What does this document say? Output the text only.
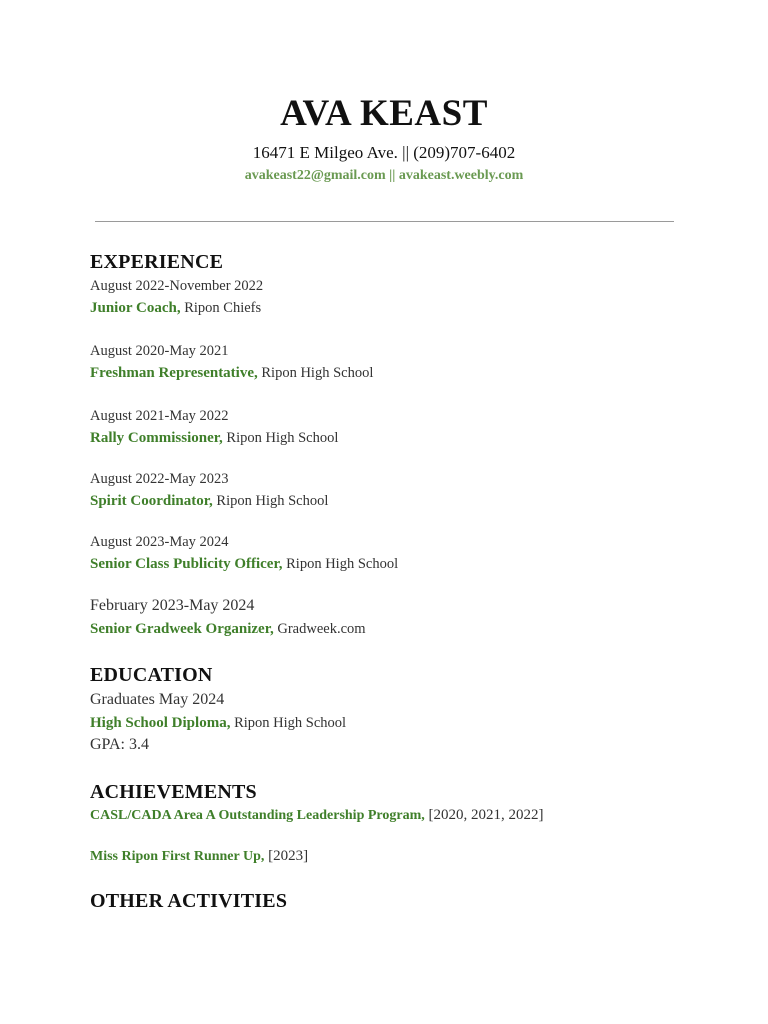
AVA KEAST
16471 E Milgeo Ave. || (209)707-6402
avakeast22@gmail.com || avakeast.weebly.com
EXPERIENCE
August 2022-November 2022
Junior Coach, Ripon Chiefs
August 2020-May 2021
Freshman Representative, Ripon High School
August 2021-May 2022
Rally Commissioner, Ripon High School
August 2022-May 2023
Spirit Coordinator, Ripon High School
August 2023-May 2024
Senior Class Publicity Officer, Ripon High School
February 2023-May 2024
Senior Gradweek Organizer, Gradweek.com
EDUCATION
Graduates May 2024
High School Diploma, Ripon High School
GPA: 3.4
ACHIEVEMENTS
CASL/CADA Area A Outstanding Leadership Program, [2020, 2021, 2022]
Miss Ripon First Runner Up, [2023]
OTHER ACTIVITIES
